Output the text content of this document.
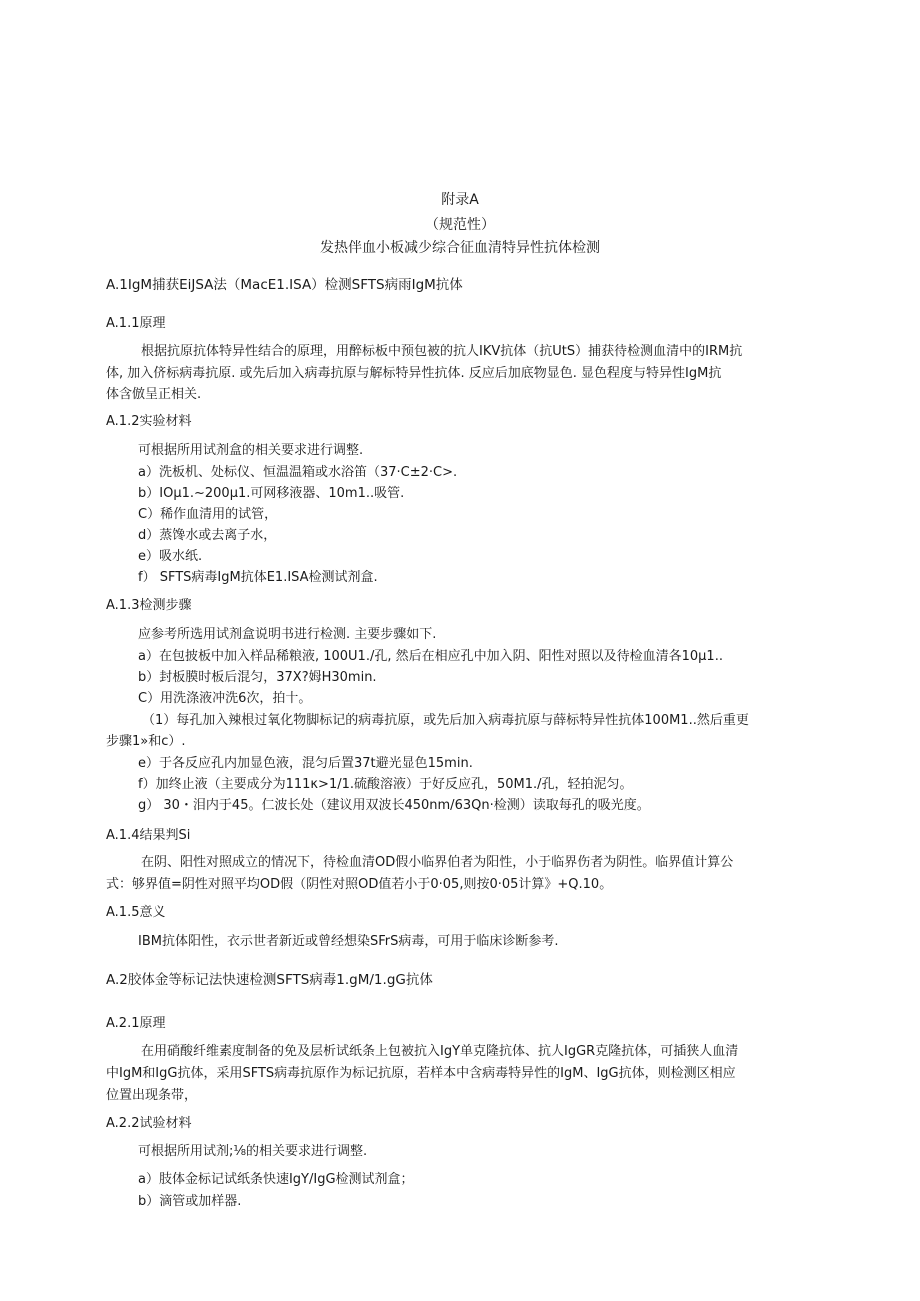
附录A
（规范性）
发热伴血小板减少综合征血清特异性抗体检测
A.1IgM捕获EiJSA法（MacE1.ISA）检测SFTS病雨IgM抗体
A.1.1原理
根据抗原抗体特异性结合的原理，用醉标板中预包被的抗人IKV抗体（抗UtS）捕获待检测血清中的IRM抗
体, 加入侪标病毒抗原. 或先后加入病毒抗原与解标特异性抗体. 反应后加底物显色. 显色程度与特异性IgM抗
体含倣呈正相关.
A.1.2实验材料
可根据所用试剂盒的相关要求进行调整.
a）洗板机、处标仪、恒温温箱或水浴笛（37·C±2·C>.
b）IOμ1.~200μ1.可网移液器、10m1..吸管.
C）稀作血清用的试管，
d）蒸馋水或去离子水，
e）吸水纸.
f） SFTS病毒IgM抗体E1.ISA检测试剂盒.
A.1.3检测步骤
应参考所选用试剂盒说明书进行检测. 主要步骤如下.
a）在包披板中加入样品稀粮液, 100U1./孔, 然后在相应孔中加入阴、阳性对照以及待检血清各10μ1..
b）封板膜时板后混匀，37X?姆H30min.
C）用洗涤液冲洗6次，拍十。
（1）每孔加入辣根过氧化物脚标记的病毒抗原，或先后加入病毒抗原与薛标特异性抗体100M1..然后重更
步骤1»和c）.
e）于各反应孔内加显色液，混匀后置37t避光显色15min.
f）加终止液（主要成分为111κ>1/1.硫酸溶液）于好反应孔，50M1./孔，轻拍泥匀。
g） 30・泪内于45。仁波长处（建议用双波长450nm/63Qn·检测）读取每孔的吸光度。
A.1.4结果判Si
在阴、阳性对照成立的情况下，待检血清OD假小临界伯者为阳性，小于临界伤者为阴性。临界值计算公
式：够界值=阴性对照平均OD假（阴性对照OD值若小于0·05,则按0·05计算》+Q.10。
A.1.5意义
IBM抗体阳性，衣示世者新近或曾经想染SFrS病毒，可用于临床诊断参考.
A.2胶体金等标记法快速检测SFTS病毒1.gM/1.gG抗体
A.2.1原理
在用硝酸纤维素度制备的免及层析试纸条上包被抗入IgY单克隆抗体、抗人IgGR克隆抗体，可插狭人血清
中IgM和IgG抗体，采用SFTS病毒抗原作为标记抗原，若样本中含病毒特异性的IgM、IgG抗体，则检测区相应
位置出现条带，
A.2.2试验材料
可根据所用试剂;⅛的相关要求进行调整.
a）肢体金标记试纸条快速IgY/IgG检测试剂盒；
b）滴管或加样器.
